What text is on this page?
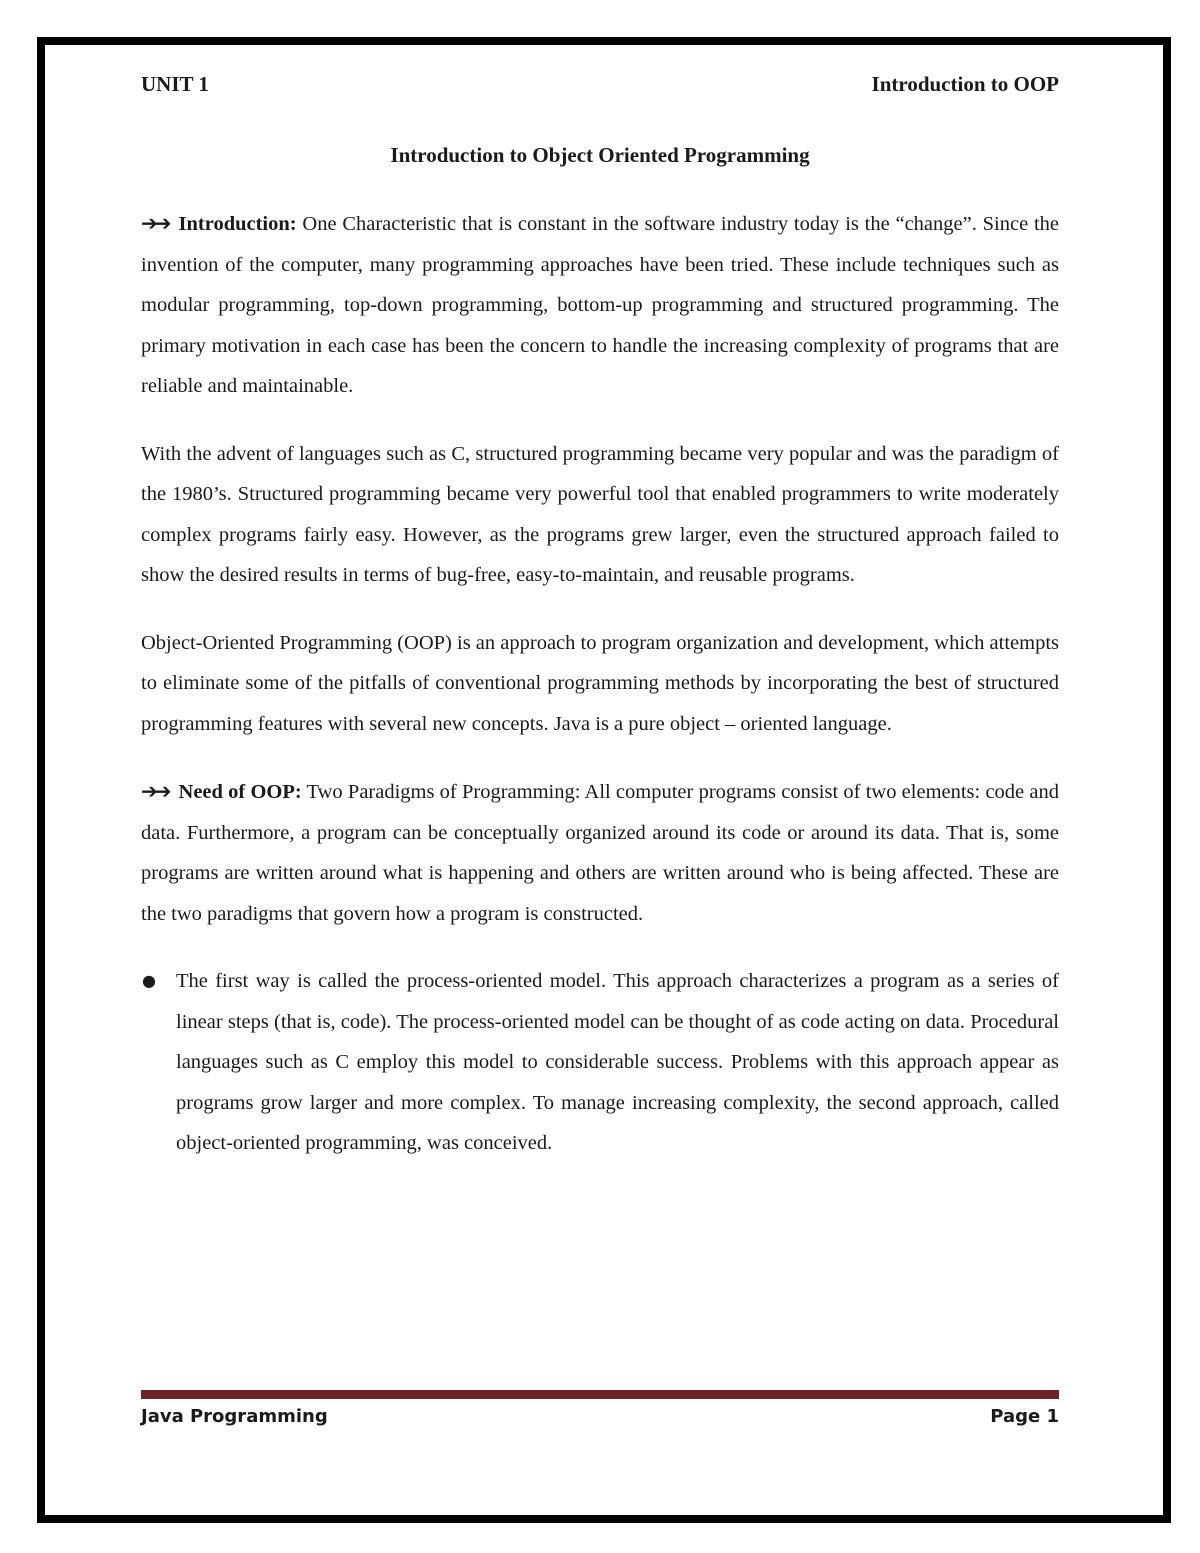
UNIT 1	Introduction to OOP
Introduction to Object Oriented Programming

➔➔ Introduction: One Characteristic that is constant in the software industry today is the “change”. Since the invention of the computer, many programming approaches have been tried. These include techniques such as modular programming, top-down programming, bottom-up programming and structured programming. The primary motivation in each case has been the concern to handle the increasing complexity of programs that are reliable and maintainable.

With the advent of languages such as C, structured programming became very popular and was the paradigm of the 1980’s. Structured programming became very powerful tool that enabled programmers to write moderately complex programs fairly easy. However, as the programs grew larger, even the structured approach failed to show the desired results in terms of bug-free, easy-to-maintain, and reusable programs.

Object-Oriented Programming (OOP) is an approach to program organization and development, which attempts to eliminate some of the pitfalls of conventional programming methods by incorporating the best of structured programming features with several new concepts. Java is a pure object – oriented language.

➔➔ Need of OOP: Two Paradigms of Programming: All computer programs consist of two elements: code and data. Furthermore, a program can be conceptually organized around its code or around its data. That is, some programs are written around what is happening and others are written around who is being affected. These are the two paradigms that govern how a program is constructed.

● The first way is called the process-oriented model. This approach characterizes a program as a series of linear steps (that is, code). The process-oriented model can be thought of as code acting on data. Procedural languages such as C employ this model to considerable success. Problems with this approach appear as programs grow larger and more complex. To manage increasing complexity, the second approach, called object-oriented programming, was conceived.
Java Programming	Page 1
